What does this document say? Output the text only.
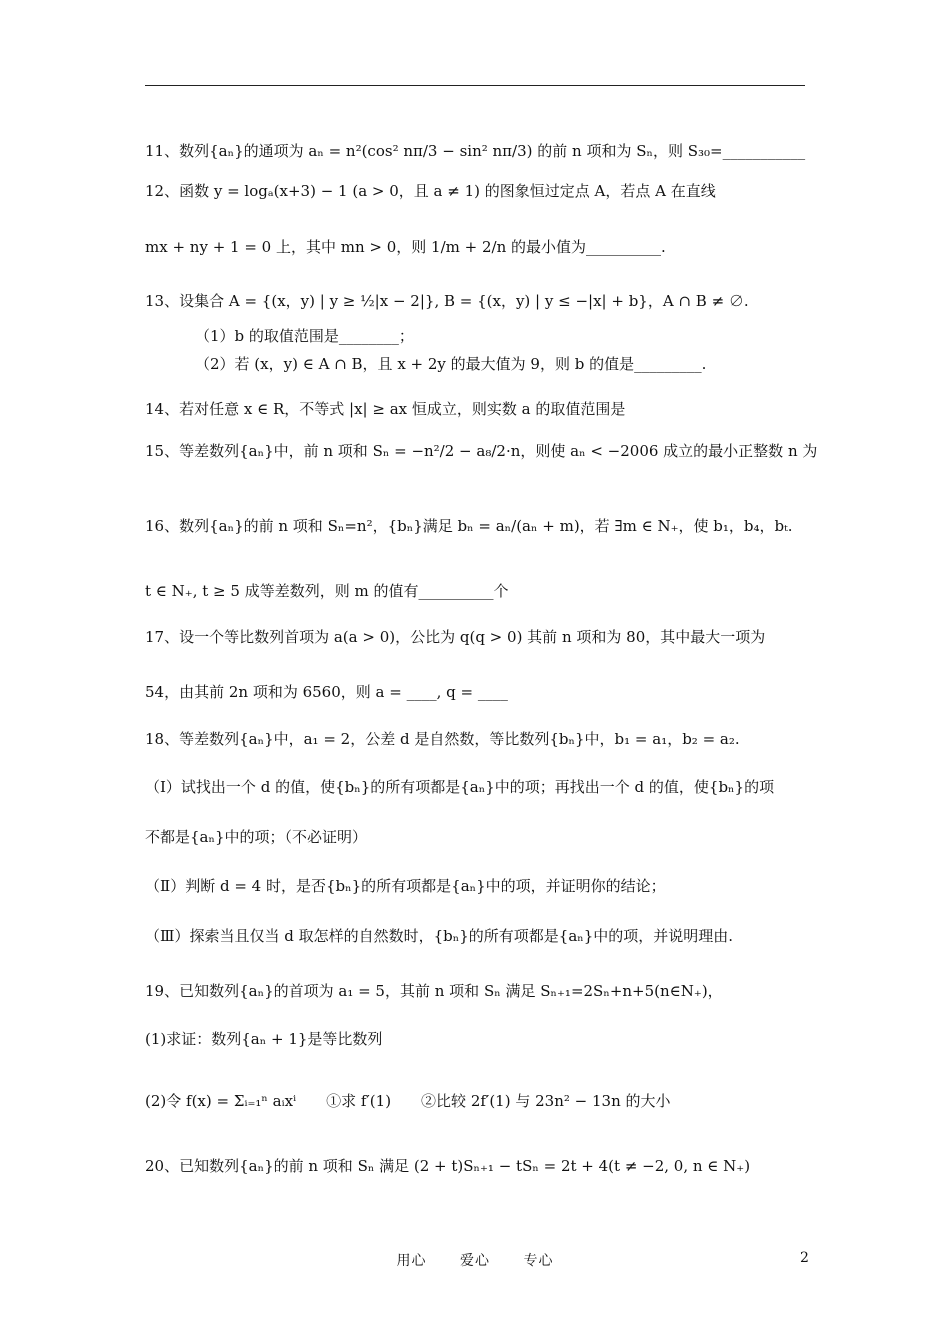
11、数列{aₙ}的通项为 aₙ = n²(cos² nπ/3 − sin² nπ/3) 的前 n 项和为 Sₙ，则 S₃₀=___________
12、函数 y = logₐ(x+3) − 1 (a > 0，且 a ≠ 1) 的图象恒过定点 A，若点 A 在直线
mx + ny + 1 = 0 上，其中 mn > 0，则 1/m + 2/n 的最小值为__________.
13、设集合 A = {(x，y) | y ≥ ½|x − 2|}, B = {(x，y) | y ≤ −|x| + b}，A ∩ B ≠ ∅.
（1）b 的取值范围是________；
（2）若 (x，y) ∈ A ∩ B，且 x + 2y 的最大值为 9，则 b 的值是_________.
14、若对任意 x ∈ R，不等式 |x| ≥ ax 恒成立，则实数 a 的取值范围是
15、等差数列{aₙ}中，前 n 项和 Sₙ = −n²/2 − a₈/2·n，则使 aₙ < −2006 成立的最小正整数 n 为
16、数列{aₙ}的前 n 项和 Sₙ=n²，{bₙ}满足 bₙ = aₙ/(aₙ + m)，若 ∃m ∈ N₊，使 b₁，b₄，bₜ.
t ∈ N₊, t ≥ 5 成等差数列，则 m 的值有__________个
17、设一个等比数列首项为 a(a > 0)，公比为 q(q > 0) 其前 n 项和为 80，其中最大一项为
54，由其前 2n 项和为 6560，则 a = ____, q = ____
18、等差数列{aₙ}中，a₁ = 2，公差 d 是自然数，等比数列{bₙ}中，b₁ = a₁，b₂ = a₂.
（Ⅰ）试找出一个 d 的值，使{bₙ}的所有项都是{aₙ}中的项；再找出一个 d 的值，使{bₙ}的项
不都是{aₙ}中的项；（不必证明）
（Ⅱ）判断 d = 4 时，是否{bₙ}的所有项都是{aₙ}中的项，并证明你的结论；
（Ⅲ）探索当且仅当 d 取怎样的自然数时，{bₙ}的所有项都是{aₙ}中的项，并说明理由.
19、已知数列{aₙ}的首项为 a₁ = 5，其前 n 项和 Sₙ 满足 Sₙ₊₁=2Sₙ+n+5(n∈N₊)，
(1)求证：数列{aₙ + 1}是等比数列
(2)令 f(x) = Σᵢ₌₁ⁿ aᵢxⁱ　　①求 f′(1)　　②比较 2f′(1) 与 23n² − 13n 的大小
20、已知数列{aₙ}的前 n 项和 Sₙ 满足 (2 + t)Sₙ₊₁ − tSₙ = 2t + 4(t ≠ −2, 0, n ∈ N₊)
用心 爱心 专心	2
